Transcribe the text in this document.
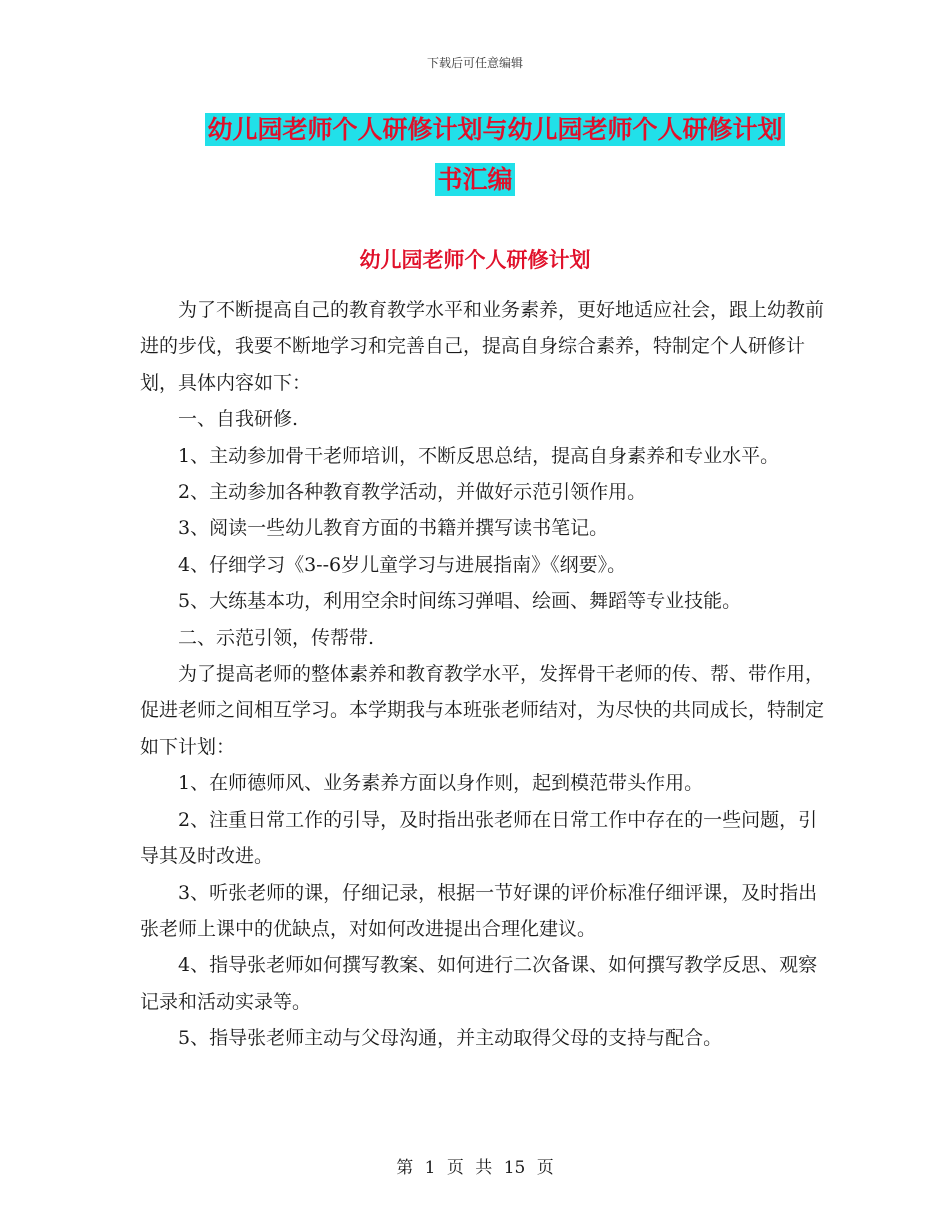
下载后可任意编辑
幼儿园老师个人研修计划与幼儿园老师个人研修计划
书汇编
幼儿园老师个人研修计划

为了不断提高自己的教育教学水平和业务素养，更好地适应社会，跟上幼教前进的步伐，我要不断地学习和完善自己，提高自身综合素养，特制定个人研修计划，具体内容如下：

一、自我研修.

1、主动参加骨干老师培训，不断反思总结，提高自身素养和专业水平。

2、主动参加各种教育教学活动，并做好示范引领作用。

3、阅读一些幼儿教育方面的书籍并撰写读书笔记。

4、仔细学习《3--6岁儿童学习与进展指南》《纲要》。

5、大练基本功，利用空余时间练习弹唱、绘画、舞蹈等专业技能。

二、示范引领，传帮带.

为了提高老师的整体素养和教育教学水平，发挥骨干老师的传、帮、带作用，促进老师之间相互学习。本学期我与本班张老师结对，为尽快的共同成长，特制定如下计划：

1、在师德师风、业务素养方面以身作则，起到模范带头作用。

2、注重日常工作的引导，及时指出张老师在日常工作中存在的一些问题，引导其及时改进。

3、听张老师的课，仔细记录，根据一节好课的评价标准仔细评课，及时指出张老师上课中的优缺点，对如何改进提出合理化建议。

4、指导张老师如何撰写教案、如何进行二次备课、如何撰写教学反思、观察记录和活动实录等。

5、指导张老师主动与父母沟通，并主动取得父母的支持与配合。

第 1 页 共 15 页
